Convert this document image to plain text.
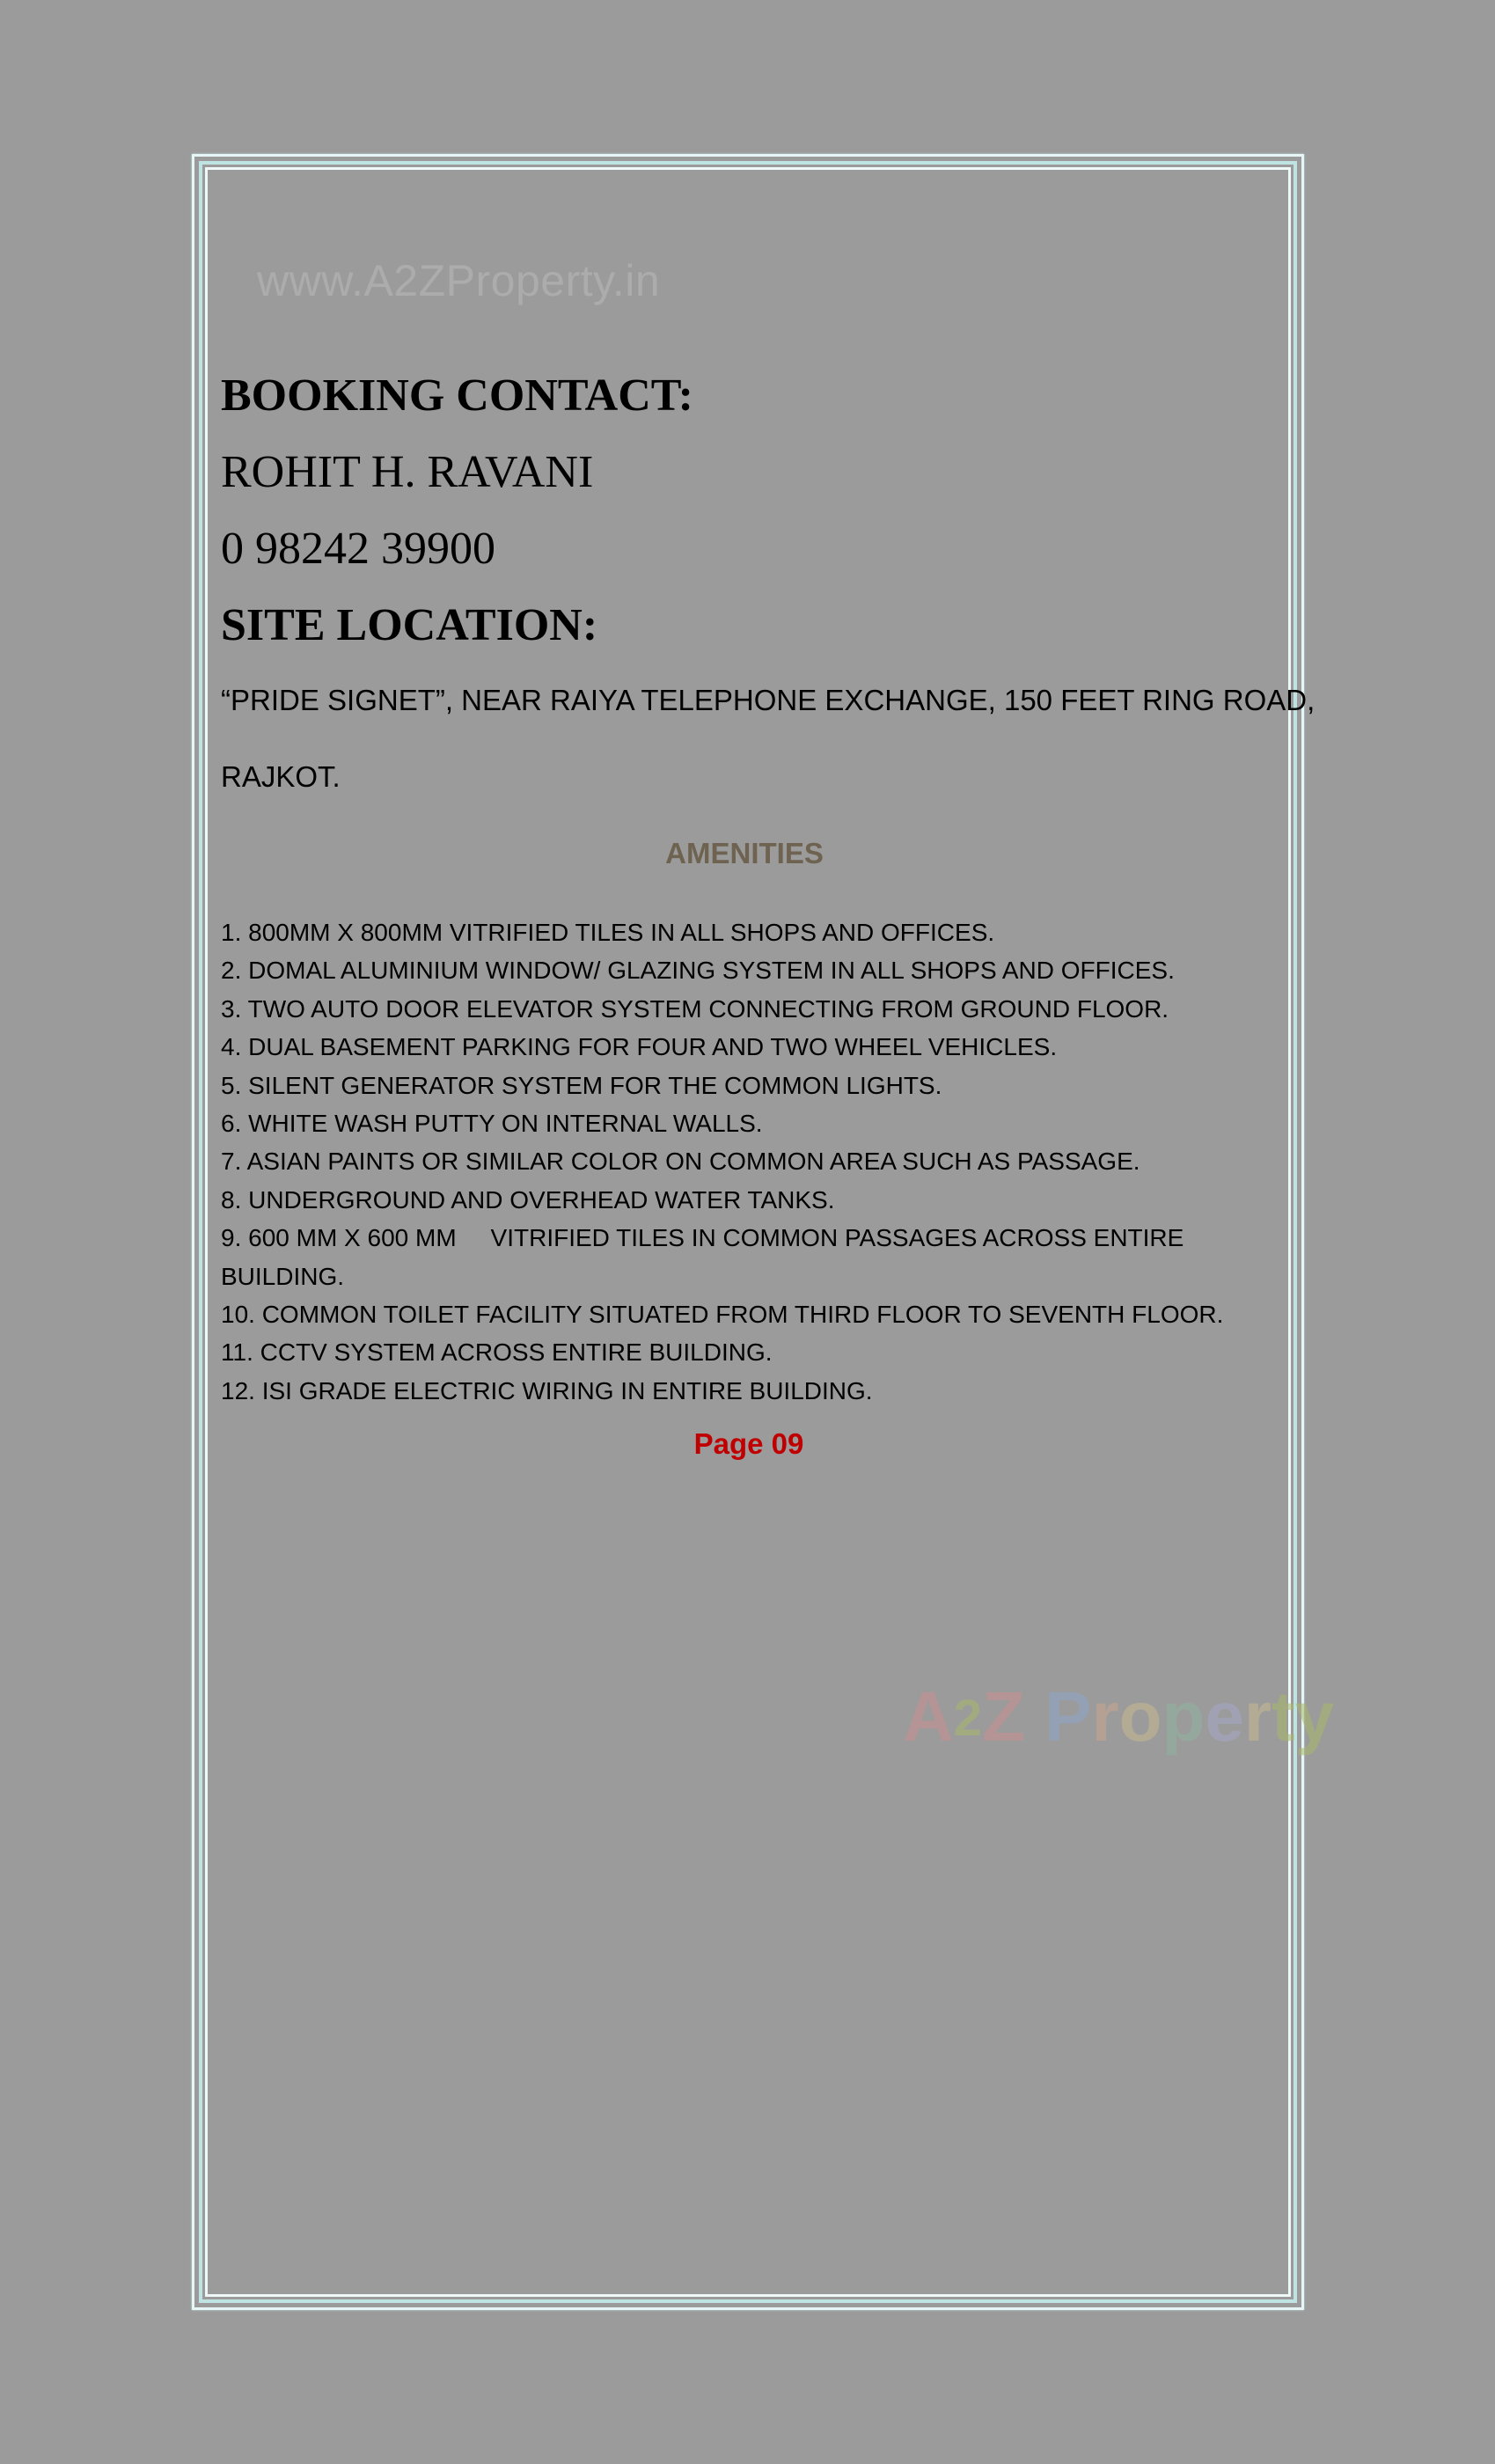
www.A2ZProperty.in
BOOKING CONTACT:
ROHIT H. RAVANI
0 98242 39900
SITE LOCATION:
“PRIDE SIGNET”, NEAR RAIYA TELEPHONE EXCHANGE, 150 FEET RING ROAD,
RAJKOT.
AMENITIES
1. 800MM X 800MM VITRIFIED TILES IN ALL SHOPS AND OFFICES.
2. DOMAL ALUMINIUM WINDOW/ GLAZING SYSTEM IN ALL SHOPS AND OFFICES.
3. TWO AUTO DOOR ELEVATOR SYSTEM CONNECTING FROM GROUND FLOOR.
4. DUAL BASEMENT PARKING FOR FOUR AND TWO WHEEL VEHICLES.
5. SILENT GENERATOR SYSTEM FOR THE COMMON LIGHTS.
6. WHITE WASH PUTTY ON INTERNAL WALLS.
7. ASIAN PAINTS OR SIMILAR COLOR ON COMMON AREA SUCH AS PASSAGE.
8. UNDERGROUND AND OVERHEAD WATER TANKS.
9. 600 MM X 600 MM     VITRIFIED TILES IN COMMON PASSAGES ACROSS ENTIRE
BUILDING.
10. COMMON TOILET FACILITY SITUATED FROM THIRD FLOOR TO SEVENTH FLOOR.
11. CCTV SYSTEM ACROSS ENTIRE BUILDING.
12. ISI GRADE ELECTRIC WIRING IN ENTIRE BUILDING.
Page 09
A2Z Property
